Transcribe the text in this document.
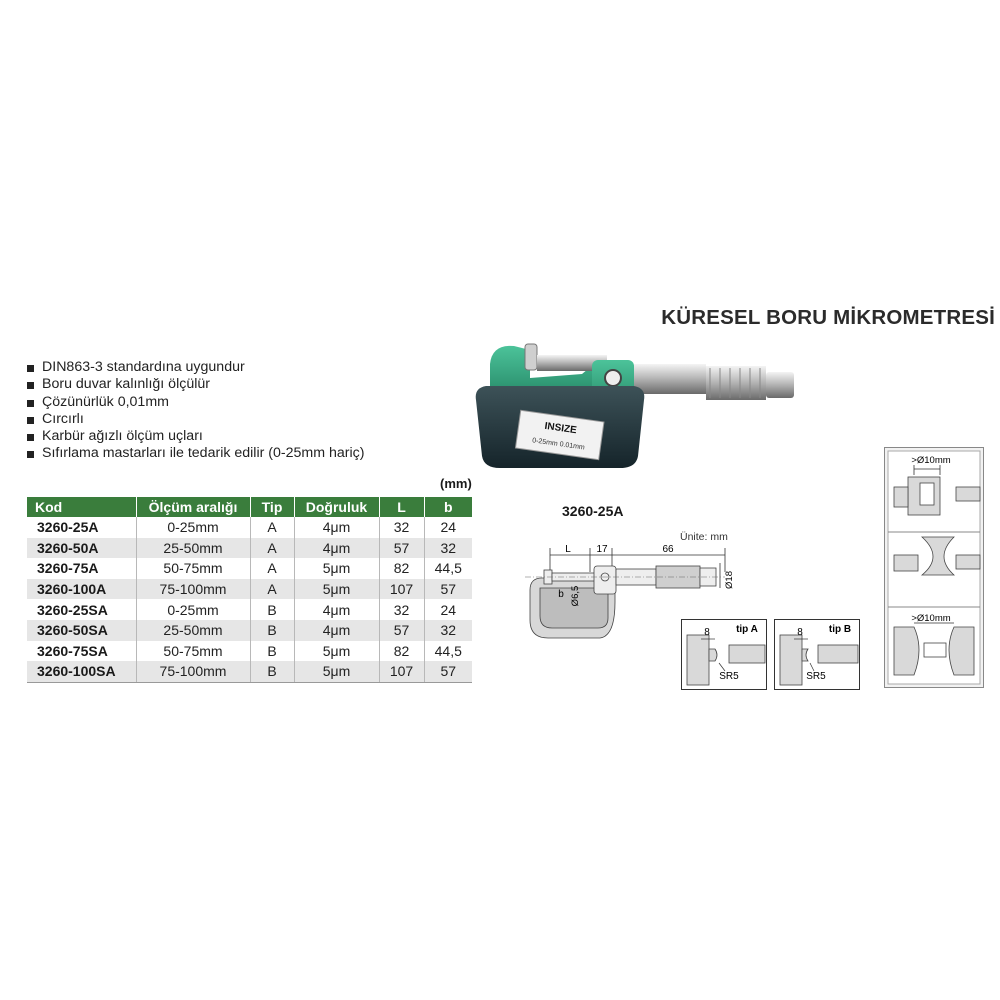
KÜRESEL BORU MİKROMETRESİ
DIN863-3 standardına uygundur
Boru duvar kalınlığı ölçülür
Çözünürlük 0,01mm
Cırcırlı
Karbür ağızlı ölçüm uçları
Sıfırlama mastarları ile tedarik edilir (0-25mm hariç)
(mm)
Kod	Ölçüm aralığı	Tip	Doğruluk	L	b
3260-25A	0-25mm	A	4μm	32	24
3260-50A	25-50mm	A	4μm	57	32
3260-75A	50-75mm	A	5μm	82	44,5
3260-100A	75-100mm	A	5μm	107	57
3260-25SA	0-25mm	B	4μm	32	24
3260-50SA	25-50mm	B	4μm	57	32
3260-75SA	50-75mm	B	5μm	82	44,5
3260-100SA	75-100mm	B	5μm	107	57
INSIZE
0-25mm 0.01mm
3260-25A
Ünite: mm
L	17	66
Ø18
Ø6,5
b
8	tip A
SR5
8	tip B
SR5
>Ø10mm
>Ø10mm
